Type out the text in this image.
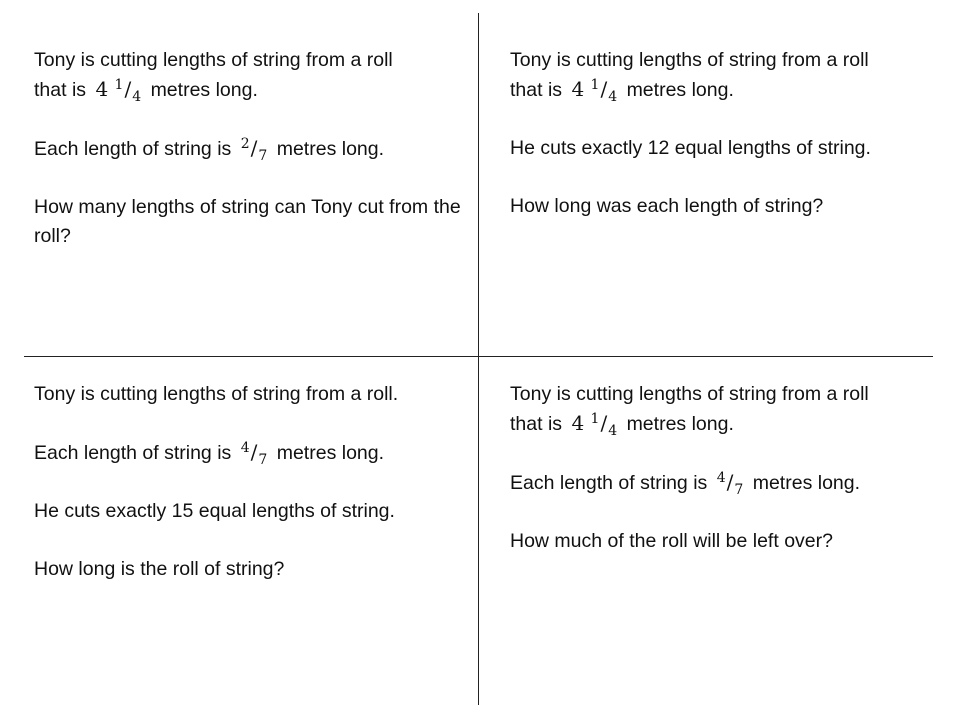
Tony is cutting lengths of string from a roll
that is 4 $^1/_4$ metres long.

Each length of string is $^2/_7$ metres long.

How many lengths of string can Tony cut from the roll?

Tony is cutting lengths of string from a roll
that is 4 $^1/_4$ metres long.

He cuts exactly 12 equal lengths of string.

How long was each length of string?

Tony is cutting lengths of string from a roll.

Each length of string is $^4/_7$ metres long.

He cuts exactly 15 equal lengths of string.

How long is the roll of string?

Tony is cutting lengths of string from a roll
that is 4 $^1/_4$ metres long.

Each length of string is $^4/_7$ metres long.

How much of the roll will be left over?
